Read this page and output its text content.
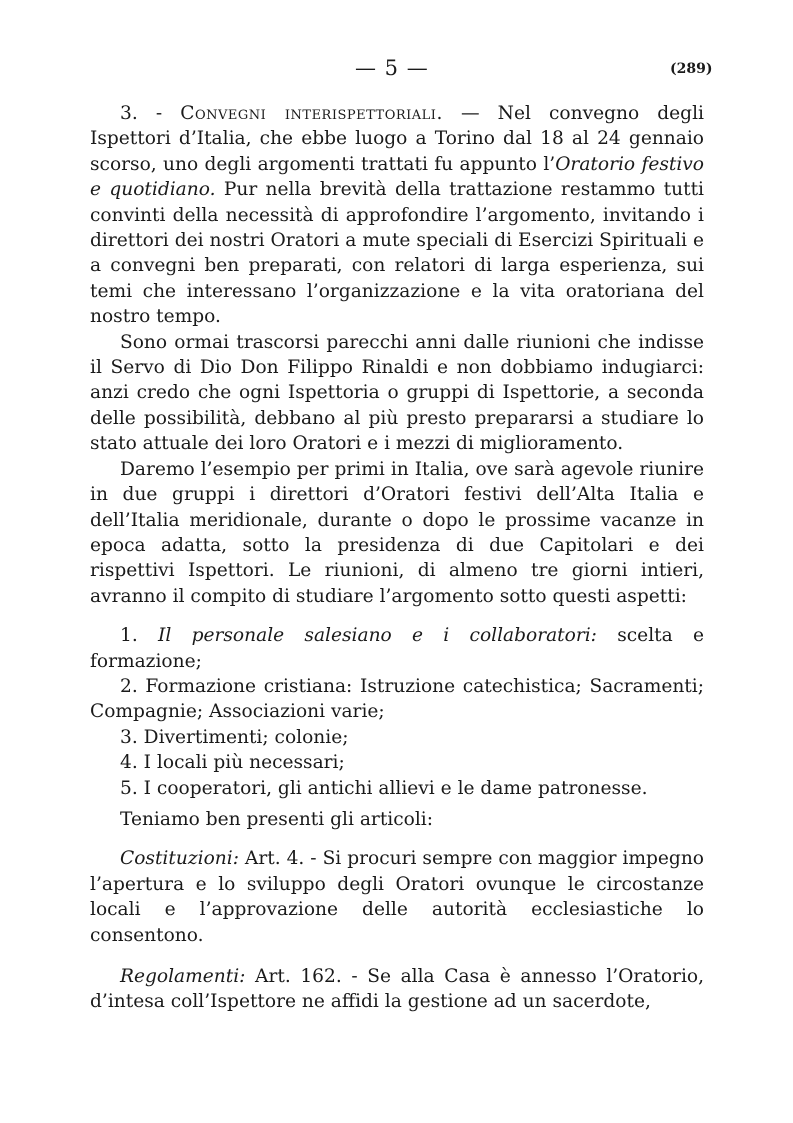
— 5 —	(289)

3. - Convegni interispettoriali. — Nel convegno degli Ispettori d’Italia, che ebbe luogo a Torino dal 18 al 24 gennaio scorso, uno degli argomenti trattati fu appunto l’Oratorio festivo e quotidiano. Pur nella brevità della trattazione restammo tutti convinti della necessità di approfondire l’argomento, invitando i direttori dei nostri Oratori a mute speciali di Esercizi Spirituali e a convegni ben preparati, con relatori di larga esperienza, sui temi che interessano l’organizzazione e la vita oratoriana del nostro tempo.

Sono ormai trascorsi parecchi anni dalle riunioni che indisse il Servo di Dio Don Filippo Rinaldi e non dobbiamo indugiarci: anzi credo che ogni Ispettoria o gruppi di Ispettorie, a seconda delle possibilità, debbano al più presto prepararsi a studiare lo stato attuale dei loro Oratori e i mezzi di miglioramento.

Daremo l’esempio per primi in Italia, ove sarà agevole riunire in due gruppi i direttori d’Oratori festivi dell’Alta Italia e dell’Italia meridionale, durante o dopo le prossime vacanze in epoca adatta, sotto la presidenza di due Capitolari e dei rispettivi Ispettori. Le riunioni, di almeno tre giorni intieri, avranno il compito di studiare l’argomento sotto questi aspetti:

1. Il personale salesiano e i collaboratori: scelta e formazione;

2. Formazione cristiana: Istruzione catechistica; Sacramenti; Compagnie; Associazioni varie;

3. Divertimenti; colonie;

4. I locali più necessari;

5. I cooperatori, gli antichi allievi e le dame patronesse.

Teniamo ben presenti gli articoli:

Costituzioni: Art. 4. - Si procuri sempre con maggior impegno l’apertura e lo sviluppo degli Oratori ovunque le circostanze locali e l’approvazione delle autorità ecclesiastiche lo consentono.

Regolamenti: Art. 162. - Se alla Casa è annesso l’Oratorio, d’intesa coll’Ispettore ne affidi la gestione ad un sacerdote,
